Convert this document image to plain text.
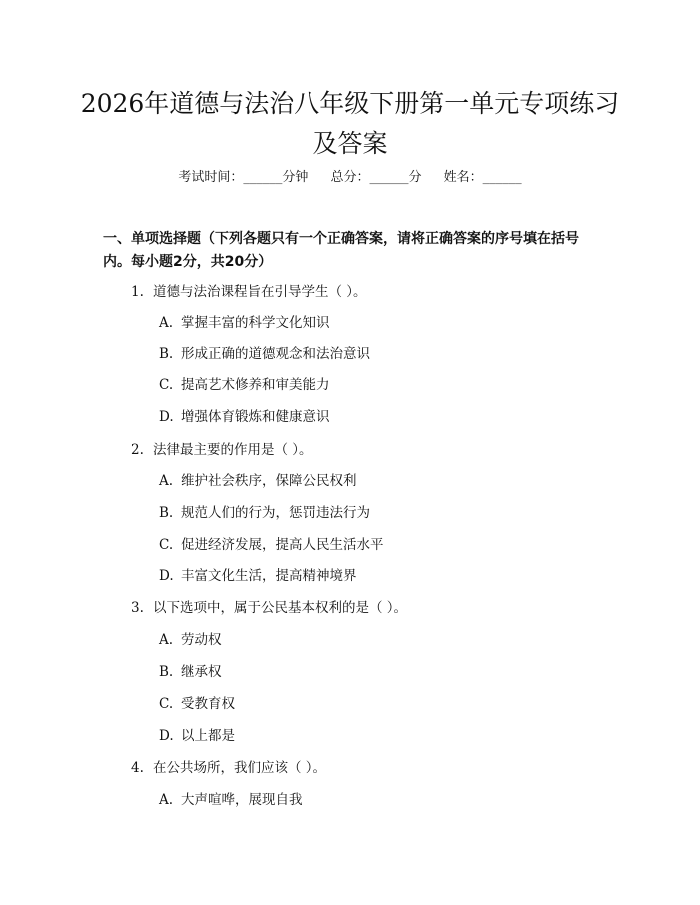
2026年道德与法治八年级下册第一单元专项练习及答案
考试时间：______分钟 总分：______分 姓名：______

一、单项选择题（下列各题只有一个正确答案，请将正确答案的序号填在括号内。每小题2分，共20分）

1. 道德与法治课程旨在引导学生（ ）。
A. 掌握丰富的科学文化知识
B. 形成正确的道德观念和法治意识
C. 提高艺术修养和审美能力
D. 增强体育锻炼和健康意识
2. 法律最主要的作用是（ ）。
A. 维护社会秩序，保障公民权利
B. 规范人们的行为，惩罚违法行为
C. 促进经济发展，提高人民生活水平
D. 丰富文化生活，提高精神境界
3. 以下选项中，属于公民基本权利的是（ ）。
A. 劳动权
B. 继承权
C. 受教育权
D. 以上都是
4. 在公共场所，我们应该（ ）。
A. 大声喧哗，展现自我
